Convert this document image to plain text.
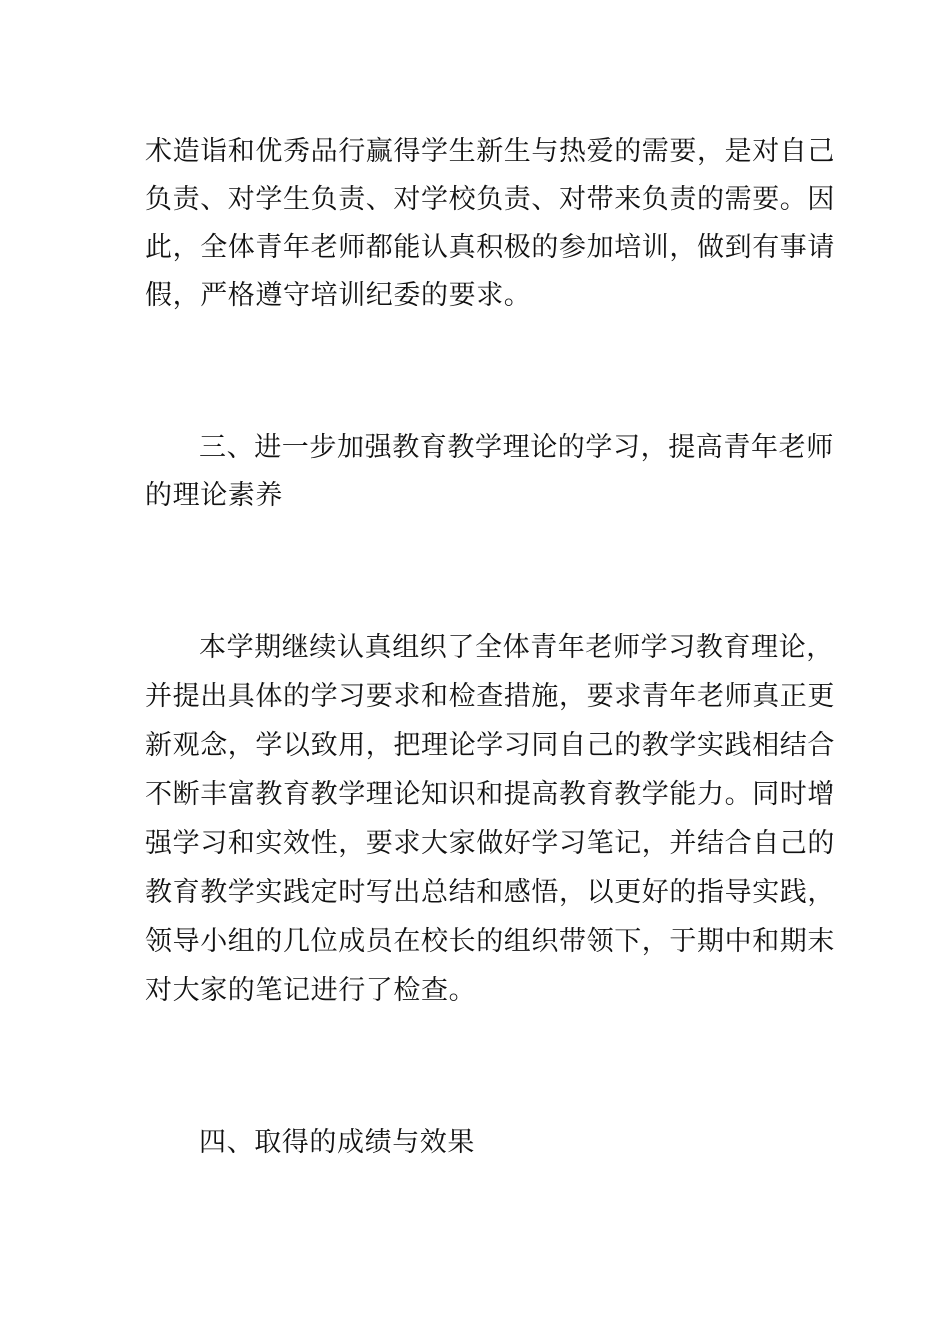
术造诣和优秀品行赢得学生新生与热爱的需要，是对自己
负责、对学生负责、对学校负责、对带来负责的需要。因
此，全体青年老师都能认真积极的参加培训，做到有事请
假，严格遵守培训纪委的要求。
三、进一步加强教育教学理论的学习，提高青年老师
的理论素养
本学期继续认真组织了全体青年老师学习教育理论，
并提出具体的学习要求和检查措施，要求青年老师真正更
新观念，学以致用，把理论学习同自己的教学实践相结合
不断丰富教育教学理论知识和提高教育教学能力。同时增
强学习和实效性，要求大家做好学习笔记，并结合自己的
教育教学实践定时写出总结和感悟，以更好的指导实践，
领导小组的几位成员在校长的组织带领下，于期中和期末
对大家的笔记进行了检查。
四、取得的成绩与效果
